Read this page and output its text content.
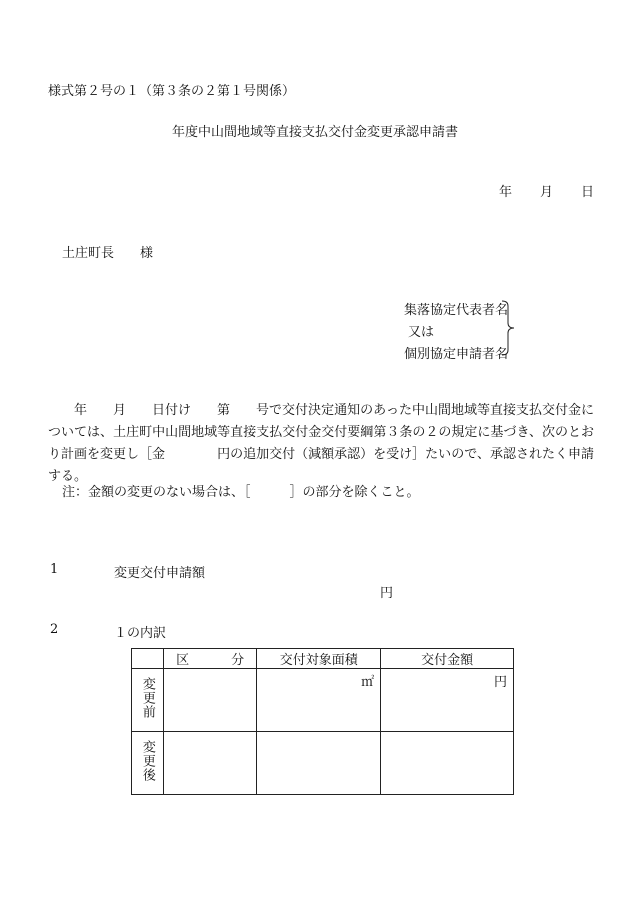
様式第２号の１（第３条の２第１号関係）
年度中山間地域等直接支払交付金変更承認申請書
年 月 日
土庄町長 様
集落協定代表者名
又は
個別協定申請者名
　　年　　月　　日付け　　第　　号で交付決定通知のあった中山間地域等直接支払交付金については、土庄町中山間地域等直接支払交付金交付要綱第３条の２の規定に基づき、次のとおり計画を変更し［金　　　　円の追加交付（減額承認）を受け］たいので、承認されたく申請する。
注：金額の変更のない場合は、［　　　］の部分を除くこと。
1	変更交付申請額
円
2	１の内訳
	区 分	交付対象面積	交付金額
変更前		㎡	円
変更後			
